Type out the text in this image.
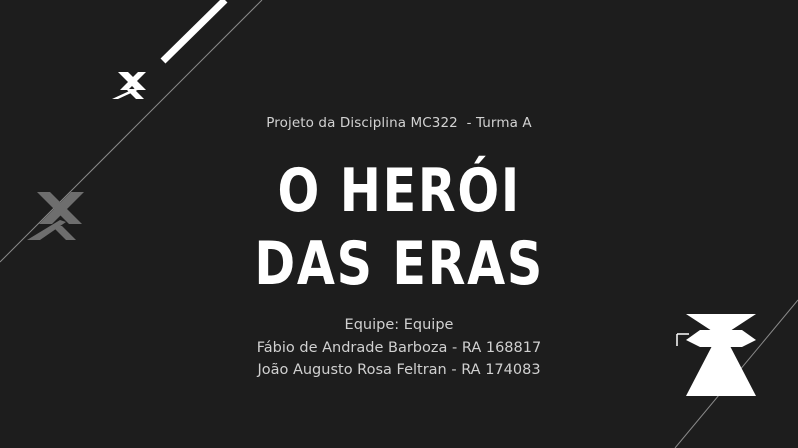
Projeto da Disciplina MC322  - Turma A
O HERÓI
DAS ERAS
Equipe: Equipe
Fábio de Andrade Barboza - RA 168817
João Augusto Rosa Feltran - RA 174083
